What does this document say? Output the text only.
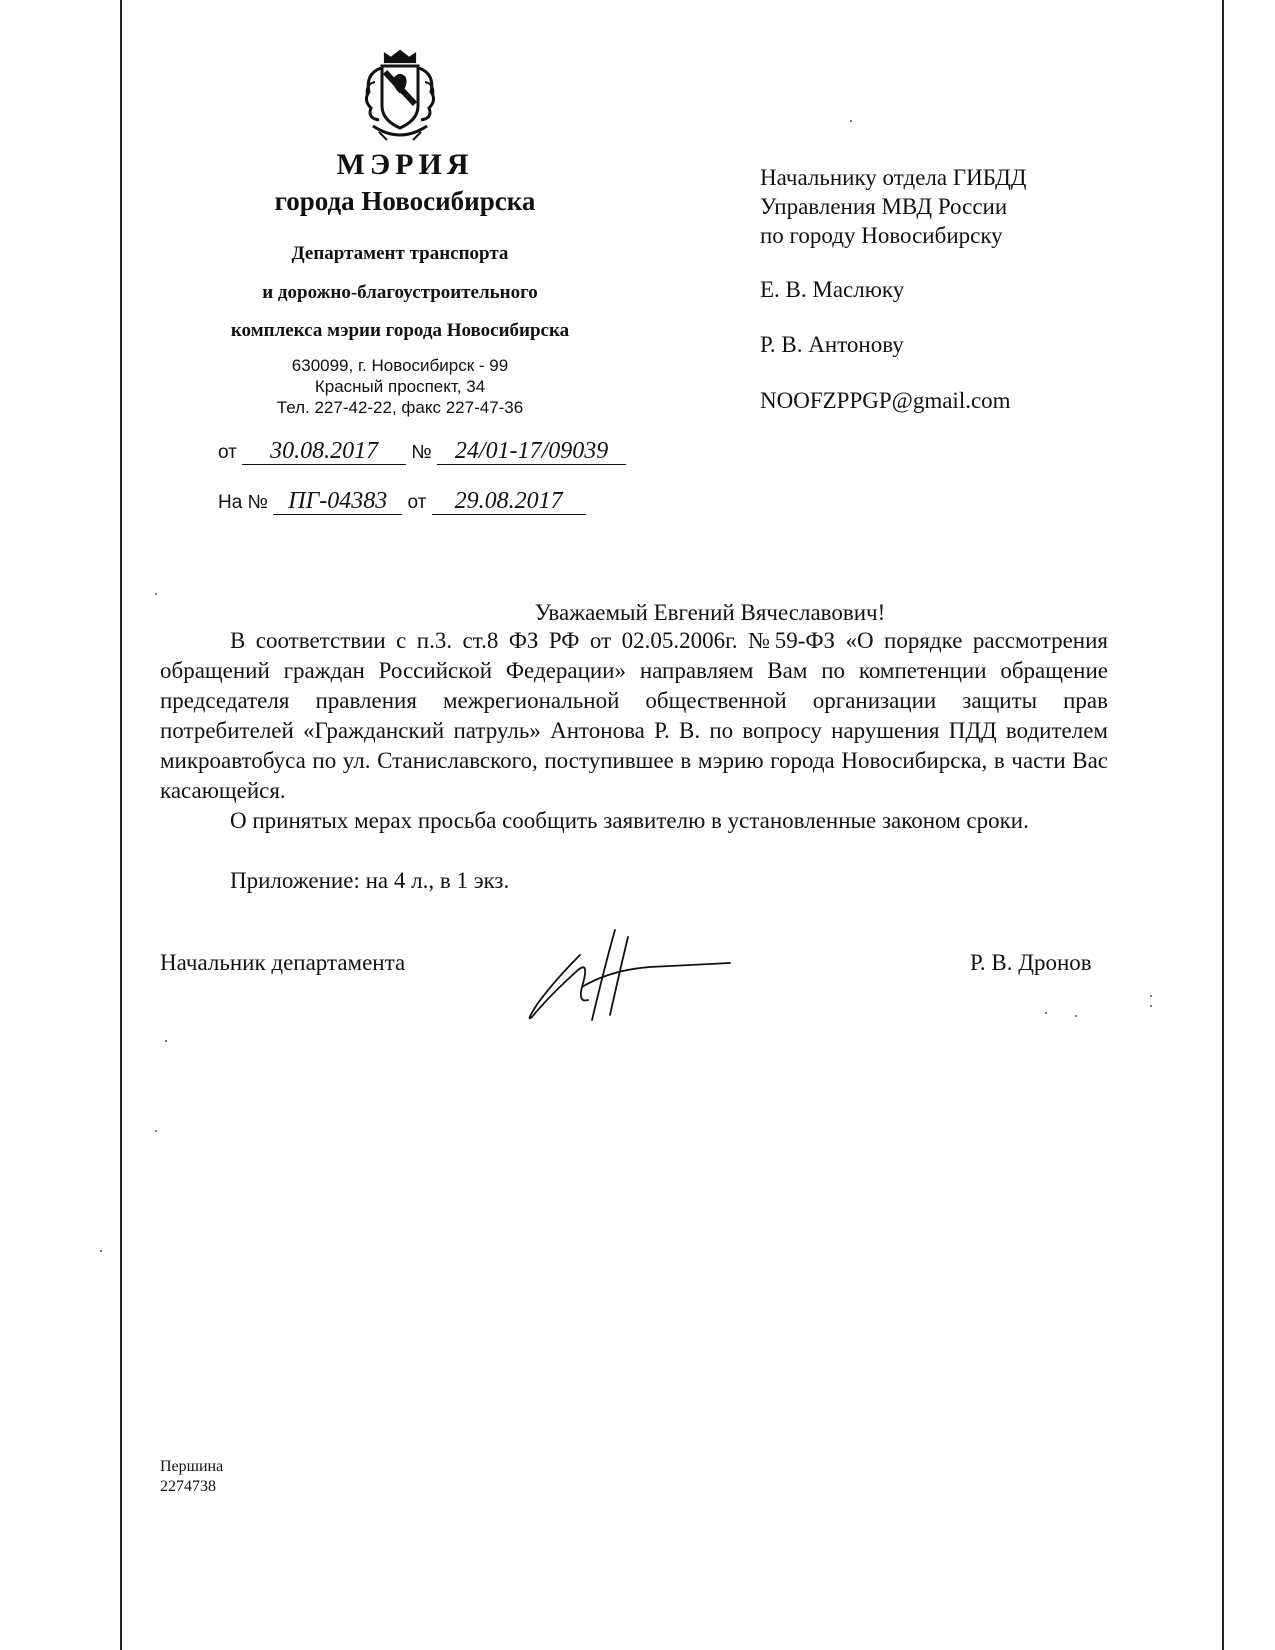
МЭРИЯ
города Новосибирска
Департамент транспорта
и дорожно-благоустроительного
комплекса мэрии города Новосибирска
630099, г. Новосибирск - 99
Красный проспект, 34
Тел. 227-42-22, факс 227-47-36
от 30.08.2017 № 24/01-17/09039
На № ПГ-04383 от 29.08.2017
Начальнику отдела ГИБДД
Управления МВД России
по городу Новосибирску
Е. В. Маслюку
Р. В. Антонову
NOOFZPPGP@gmail.com
Уважаемый Евгений Вячеславович!

В соответствии с п.3. ст.8 ФЗ РФ от 02.05.2006г. №59-ФЗ «О порядке рассмотрения обращений граждан Российской Федерации» направляем Вам по компетенции обращение председателя правления межрегиональной общественной организации защиты прав потребителей «Гражданский патруль» Антонова Р. В. по вопросу нарушения ПДД водителем микроавтобуса по ул. Станиславского, поступившее в мэрию города Новосибирска, в части Вас касающейся.

О принятых мерах просьба сообщить заявителю в установленные законом сроки.

Приложение: на 4 л., в 1 экз.

Начальник департамента	Р. В. Дронов
Першина
2274738
